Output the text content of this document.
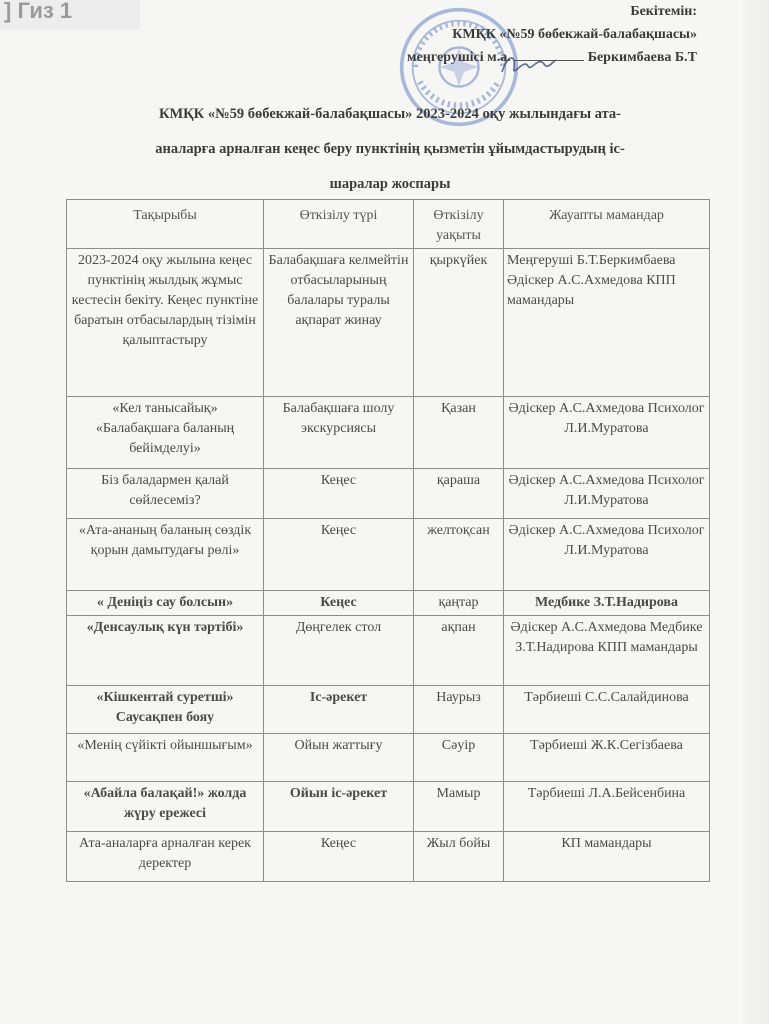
] Гиз 1	Бекітемін:
КМҚК «№59 бөбекжай-балабақшасы»
меңгерушісі м.а.	Беркимбаева Б.Т
КМҚК «№59 бөбекжай-балабақшасы» 2023-2024 оқу жылындағы ата-
аналарға арналған кеңес беру пунктінің қызметін ұйымдастырудың іс-
шаралар жоспары
Тақырыбы	Өткізілу түрі	Өткізілу уақыты	Жауапты мамандар
2023-2024 оқу жылына кеңес пунктінің жылдық жұмыс кестесін бекіту. Кеңес пунктіне баратын отбасылардың тізімін қалыптастыру	Балабақшаға келмейтін отбасыларының балалары туралы ақпарат жинау	қыркүйек	Меңгеруші Б.Т.Беркимбаева Әдіскер А.С.Ахмедова КПП мамандары
«Кел танысайық» «Балабақшаға баланың бейімделуі»	Балабақшаға шолу экскурсиясы	Қазан	Әдіскер А.С.Ахмедова Психолог Л.И.Муратова
Біз баладармен қалай сөйлесеміз?	Кеңес	қараша	Әдіскер А.С.Ахмедова Психолог Л.И.Муратова
«Ата-ананың баланың сөздік қорын дамытудағы рөлі»	Кеңес	желтоқсан	Әдіскер А.С.Ахмедова Психолог Л.И.Муратова
« Дeніңіз сау болсын»	Кеңес	қаңтар	Медбике З.Т.Надирова
«Денсаулық күн тәртібі»	Дөңгелек стол	ақпан	Әдіскер А.С.Ахмедова Медбике З.Т.Надирова КПП мамандары
«Кішкентай суретші» Саусақпен бояу	Іс-әрекет	Наурыз	Тәрбиеші С.С.Салайдинова
«Менің сүйікті ойыншығым»	Ойын жаттығу	Сәуір	Тәрбиеші Ж.К.Сегізбаева
«Абайла балақай!» жолда жүру ережесі	Ойын іс-әрекет	Мамыр	Тәрбиеші Л.А.Бейсенбина
Ата-аналарға арналған керек деректер	Кеңес	Жыл бойы	КП мамандары
